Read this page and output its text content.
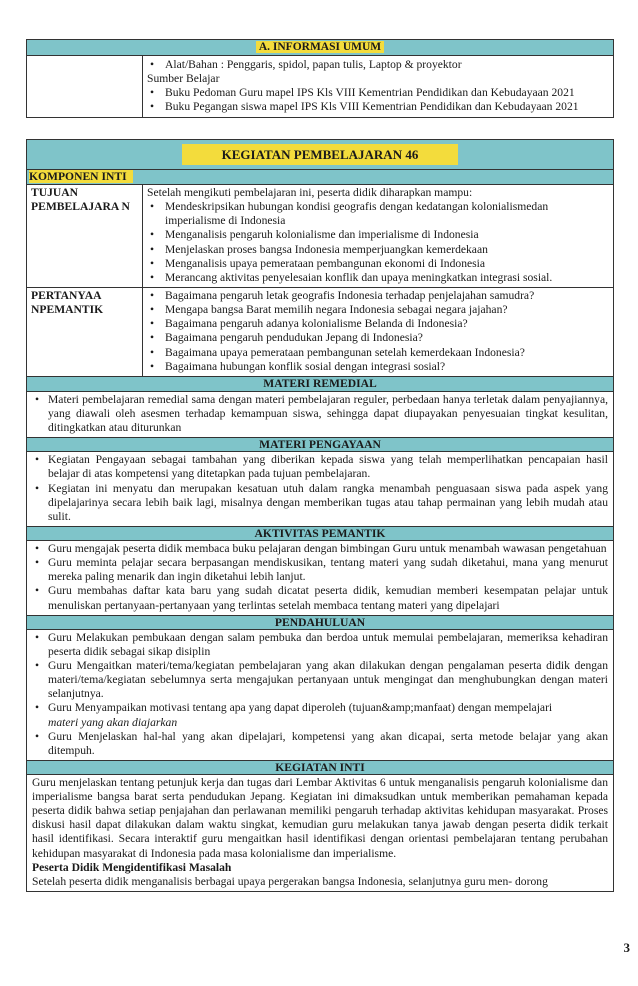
A. INFORMASI UMUM
• Alat/Bahan : Penggaris, spidol, papan tulis, Laptop & proyektor
Sumber Belajar
• Buku Pedoman Guru mapel IPS Kls VIII Kementrian Pendidikan dan Kebudayaan 2021
• Buku Pegangan siswa mapel IPS Kls VIII Kementrian Pendidikan dan Kebudayaan 2021
KEGIATAN PEMBELAJARAN 46
KOMPONEN INTI
TUJUAN PEMBELAJARA N
Setelah mengikuti pembelajaran ini, peserta didik diharapkan mampu:
• Mendeskripsikan hubungan kondisi geografis dengan kedatangan kolonialismedan imperialisme di Indonesia
• Menganalisis pengaruh kolonialisme dan imperialisme di Indonesia
• Menjelaskan proses bangsa Indonesia memperjuangkan kemerdekaan
• Menganalisis upaya pemerataan pembangunan ekonomi di Indonesia
• Merancang aktivitas penyelesaian konflik dan upaya meningkatkan integrasi sosial.
PERTANYAA NPEMANTIK
• Bagaimana pengaruh letak geografis Indonesia terhadap penjelajahan samudra?
• Mengapa bangsa Barat memilih negara Indonesia sebagai negara jajahan?
• Bagaimana pengaruh adanya kolonialisme Belanda di Indonesia?
• Bagaimana pengaruh pendudukan Jepang di Indonesia?
• Bagaimana upaya pemerataan pembangunan setelah kemerdekaan Indonesia?
• Bagaimana hubungan konflik sosial dengan integrasi sosial?
MATERI REMEDIAL
• Materi pembelajaran remedial sama dengan materi pembelajaran reguler, perbedaan hanya terletak dalam penyajiannya, yang diawali oleh asesmen terhadap kemampuan siswa, sehingga dapat diupayakan penyesuaian tingkat kesulitan, ditingkatkan atau diturunkan
MATERI PENGAYAAN
• Kegiatan Pengayaan sebagai tambahan yang diberikan kepada siswa yang telah memperlihatkan pencapaian hasil belajar di atas kompetensi yang ditetapkan pada tujuan pembelajaran.
• Kegiatan ini menyatu dan merupakan kesatuan utuh dalam rangka menambah penguasaan siswa pada aspek yang dipelajarinya secara lebih baik lagi, misalnya dengan memberikan tugas atau tahap permainan yang lebih mudah atau sulit.
AKTIVITAS PEMANTIK
• Guru mengajak peserta didik membaca buku pelajaran dengan bimbingan Guru untuk menambah wawasan pengetahuan
• Guru meminta pelajar secara berpasangan mendiskusikan, tentang materi yang sudah diketahui, mana yang menurut mereka paling menarik dan ingin diketahui lebih lanjut.
• Guru membahas daftar kata baru yang sudah dicatat peserta didik, kemudian memberi kesempatan pelajar untuk menuliskan pertanyaan-pertanyaan yang terlintas setelah membaca tentang materi yang dipelajari
PENDAHULUAN
• Guru Melakukan pembukaan dengan salam pembuka dan berdoa untuk memulai pembelajaran, memeriksa kehadiran peserta didik sebagai sikap disiplin
• Guru Mengaitkan materi/tema/kegiatan pembelajaran yang akan dilakukan dengan pengalaman peserta didik dengan materi/tema/kegiatan sebelumnya serta mengajukan pertanyaan untuk mengingat dan menghubungkan dengan materi selanjutnya.
• Guru Menyampaikan motivasi tentang apa yang dapat diperoleh (tujuan&amp;manfaat) dengan mempelajari
materi yang akan diajarkan
• Guru Menjelaskan hal-hal yang akan dipelajari, kompetensi yang akan dicapai, serta metode belajar yang akan ditempuh.
KEGIATAN INTI
Guru menjelaskan tentang petunjuk kerja dan tugas dari Lembar Aktivitas 6 untuk menganalisis pengaruh kolonialisme dan imperialisme bangsa barat serta pendudukan Jepang. Kegiatan ini dimaksudkan untuk memberikan pemahaman kepada peserta didik bahwa setiap penjajahan dan perlawanan memiliki pengaruh terhadap aktivitas kehidupan masyarakat. Proses diskusi hasil dapat dilakukan dalam waktu singkat, kemudian guru melakukan tanya jawab dengan peserta didik terkait hasil identifikasi. Secara interaktif guru mengaitkan hasil identifikasi dengan orientasi pembelajaran tentang perubahan kehidupan masyarakat di Indonesia pada masa kolonialisme dan imperialisme.
Peserta Didik Mengidentifikasi Masalah
Setelah peserta didik menganalisis berbagai upaya pergerakan bangsa Indonesia, selanjutnya guru men- dorong
3
